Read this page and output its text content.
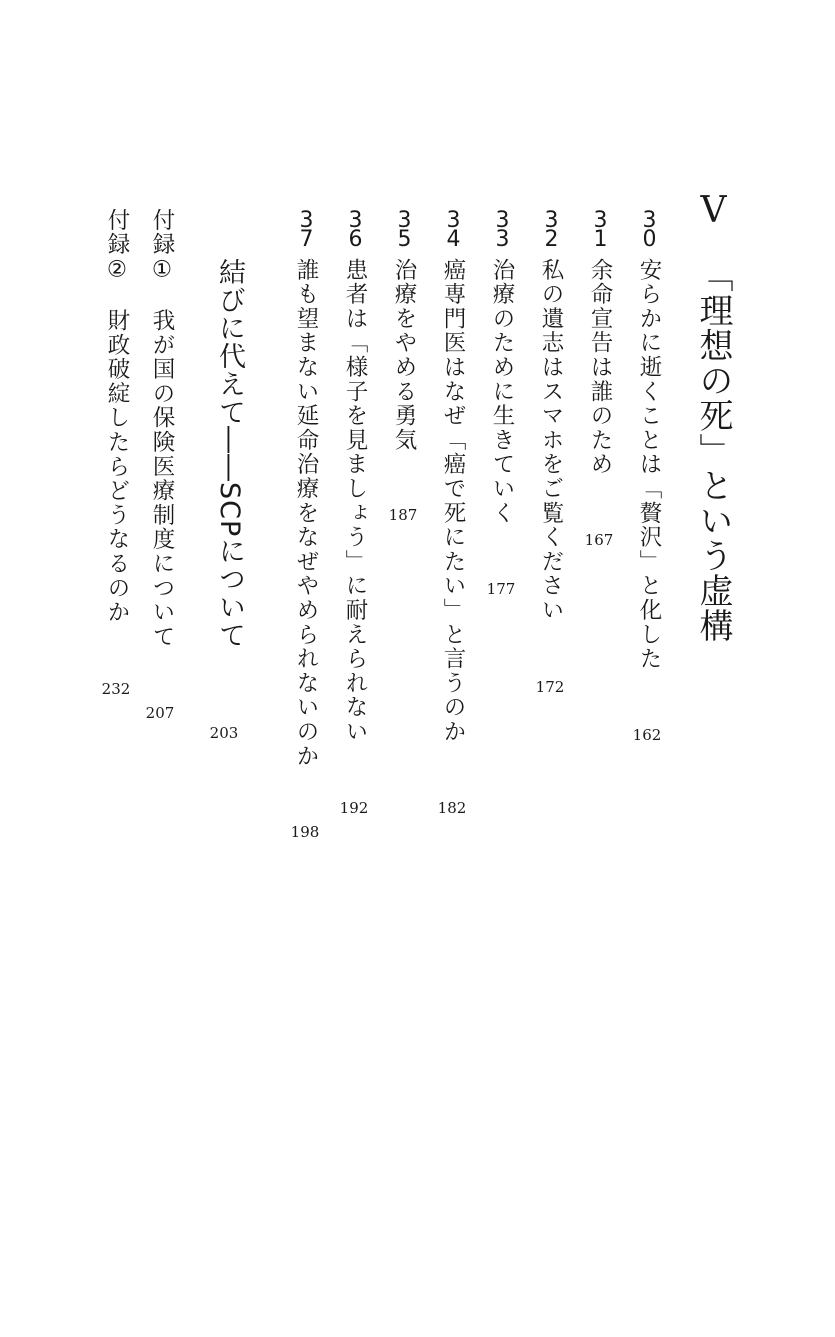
V
「理想の死」という虚構
30
安らかに逝くことは「贅沢」と化した
162
31
余命宣告は誰のため
167
32
私の遺志はスマホをご覧ください
172
33
治療のために生きていく
177
34
癌専門医はなぜ「癌で死にたい」と言うのか
182
35
治療をやめる勇気
187
36
患者は「様子を見ましょう」に耐えられない
192
37
誰も望まない延命治療をなぜやめられないのか
198
結びに代えて――SCPについて
203
付録①　我が国の保険医療制度について
207
付録②　財政破綻したらどうなるのか
232
